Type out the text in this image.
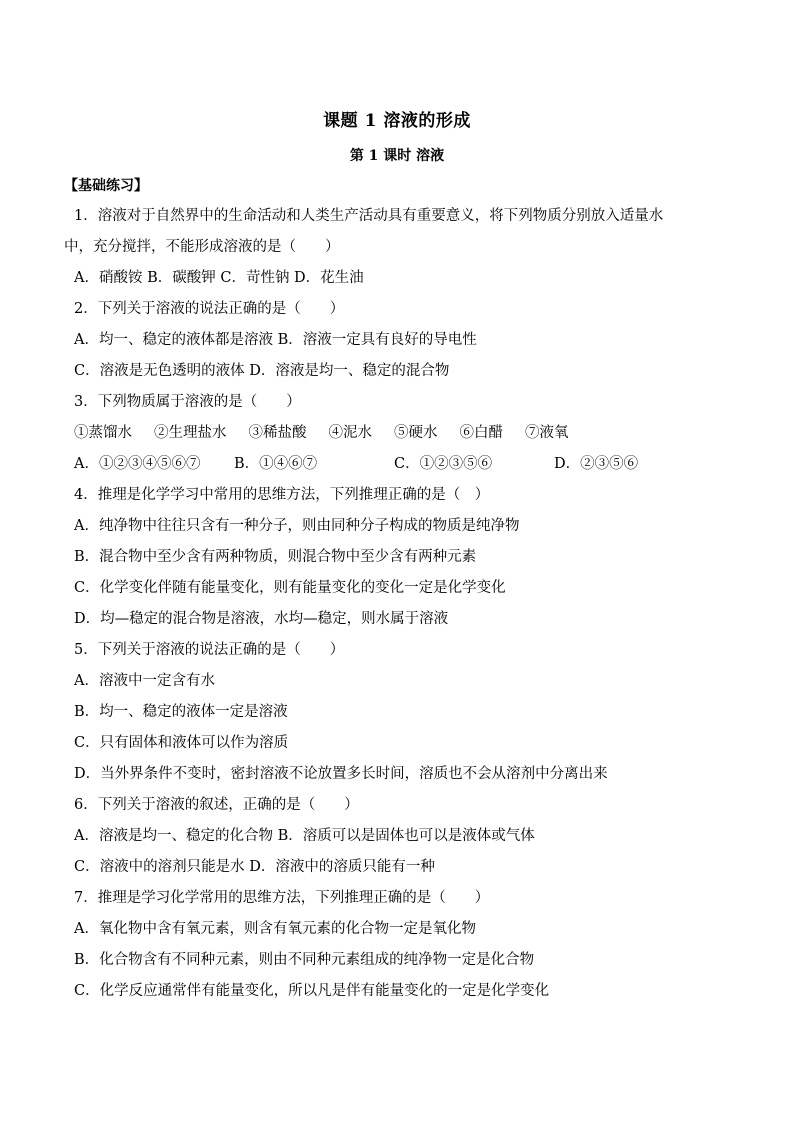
课题 1 溶液的形成
第 1 课时 溶液
【基础练习】
1．溶液对于自然界中的生命活动和人类生产活动具有重要意义，将下列物质分别放入适量水
中，充分搅拌，不能形成溶液的是（　　）
A．硝酸铵 B．碳酸钾 C．苛性钠 D．花生油
2．下列关于溶液的说法正确的是（　　）
A．均一、稳定的液体都是溶液 B．溶液一定具有良好的导电性
C．溶液是无色透明的液体 D．溶液是均一、稳定的混合物
3．下列物质属于溶液的是（　　）
①蒸馏水 ②生理盐水 ③稀盐酸 ④泥水 ⑤硬水 ⑥白醋 ⑦液氧
A．①②③④⑤⑥⑦	B．①④⑥⑦	C．①②③⑤⑥	D．②③⑤⑥
4．推理是化学学习中常用的思维方法，下列推理正确的是（　）
A．纯净物中往往只含有一种分子，则由同种分子构成的物质是纯净物
B．混合物中至少含有两种物质，则混合物中至少含有两种元素
C．化学变化伴随有能量变化，则有能量变化的变化一定是化学变化
D．均—稳定的混合物是溶液，水均—稳定，则水属于溶液
5．下列关于溶液的说法正确的是（　　）
A．溶液中一定含有水
B．均一、稳定的液体一定是溶液
C．只有固体和液体可以作为溶质
D．当外界条件不变时，密封溶液不论放置多长时间，溶质也不会从溶剂中分离出来
6．下列关于溶液的叙述，正确的是（　　）
A．溶液是均一、稳定的化合物 B．溶质可以是固体也可以是液体或气体
C．溶液中的溶剂只能是水 D．溶液中的溶质只能有一种
7．推理是学习化学常用的思维方法，下列推理正确的是（　　）
A．氧化物中含有氧元素，则含有氧元素的化合物一定是氧化物
B．化合物含有不同种元素，则由不同种元素组成的纯净物一定是化合物
C．化学反应通常伴有能量变化，所以凡是伴有能量变化的一定是化学变化
